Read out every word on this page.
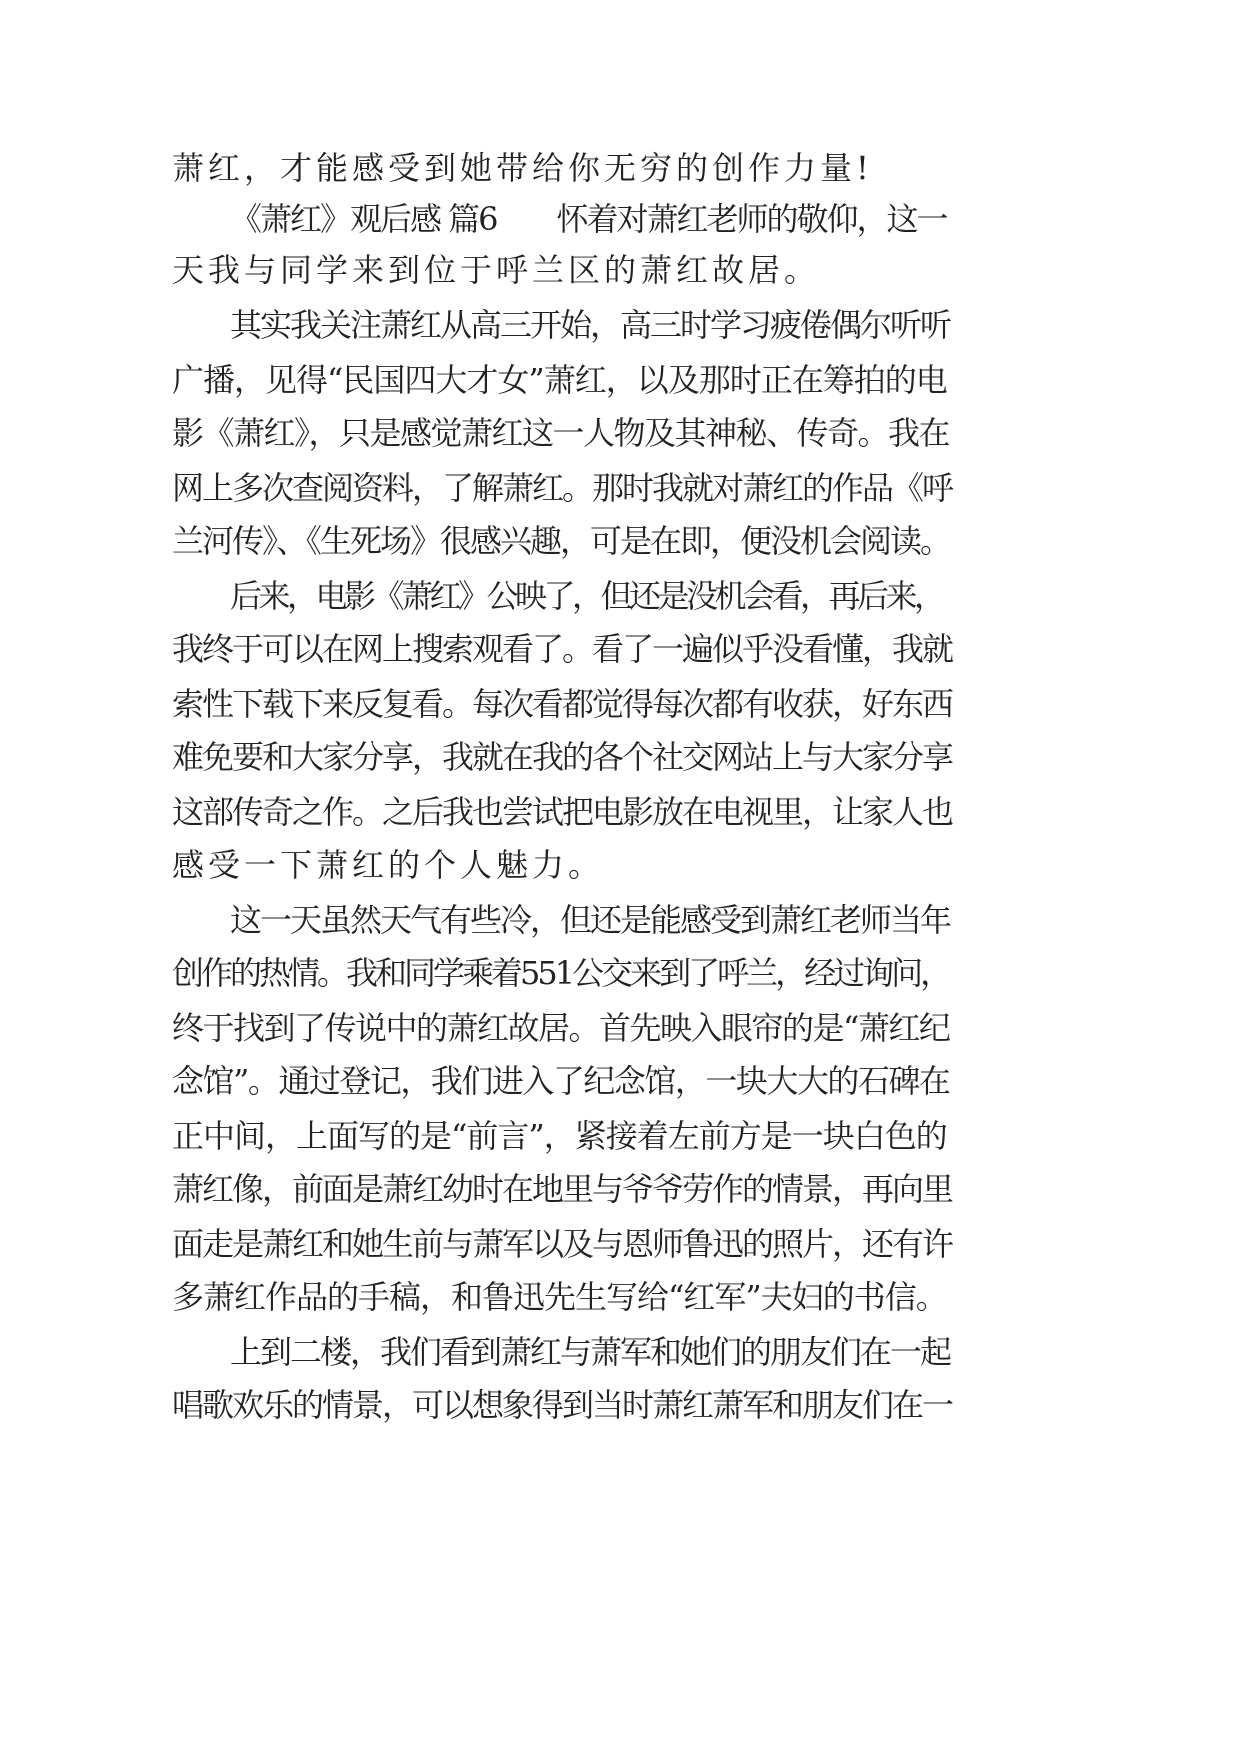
萧红，才能感受到她带给你无穷的创作力量!
《萧红》观后感 篇6　　怀着对萧红老师的敬仰，这一
天我与同学来到位于呼兰区的萧红故居。
其实我关注萧红从高三开始，高三时学习疲倦偶尔听听
广播，见得“民国四大才女”萧红，以及那时正在筹拍的电
影《萧红》，只是感觉萧红这一人物及其神秘、传奇。我在
网上多次查阅资料，了解萧红。那时我就对萧红的作品《呼
兰河传》、《生死场》很感兴趣，可是在即，便没机会阅读。
后来，电影《萧红》公映了，但还是没机会看，再后来，
我终于可以在网上搜索观看了。看了一遍似乎没看懂，我就
索性下载下来反复看。每次看都觉得每次都有收获，好东西
难免要和大家分享，我就在我的各个社交网站上与大家分享
这部传奇之作。之后我也尝试把电影放在电视里，让家人也
感受一下萧红的个人魅力。
这一天虽然天气有些冷，但还是能感受到萧红老师当年
创作的热情。我和同学乘着551公交来到了呼兰，经过询问，
终于找到了传说中的萧红故居。首先映入眼帘的是“萧红纪
念馆”。通过登记，我们进入了纪念馆，一块大大的石碑在
正中间，上面写的是“前言”，紧接着左前方是一块白色的
萧红像，前面是萧红幼时在地里与爷爷劳作的情景，再向里
面走是萧红和她生前与萧军以及与恩师鲁迅的照片，还有许
多萧红作品的手稿，和鲁迅先生写给“红军”夫妇的书信。
上到二楼，我们看到萧红与萧军和她们的朋友们在一起
唱歌欢乐的情景，可以想象得到当时萧红萧军和朋友们在一
